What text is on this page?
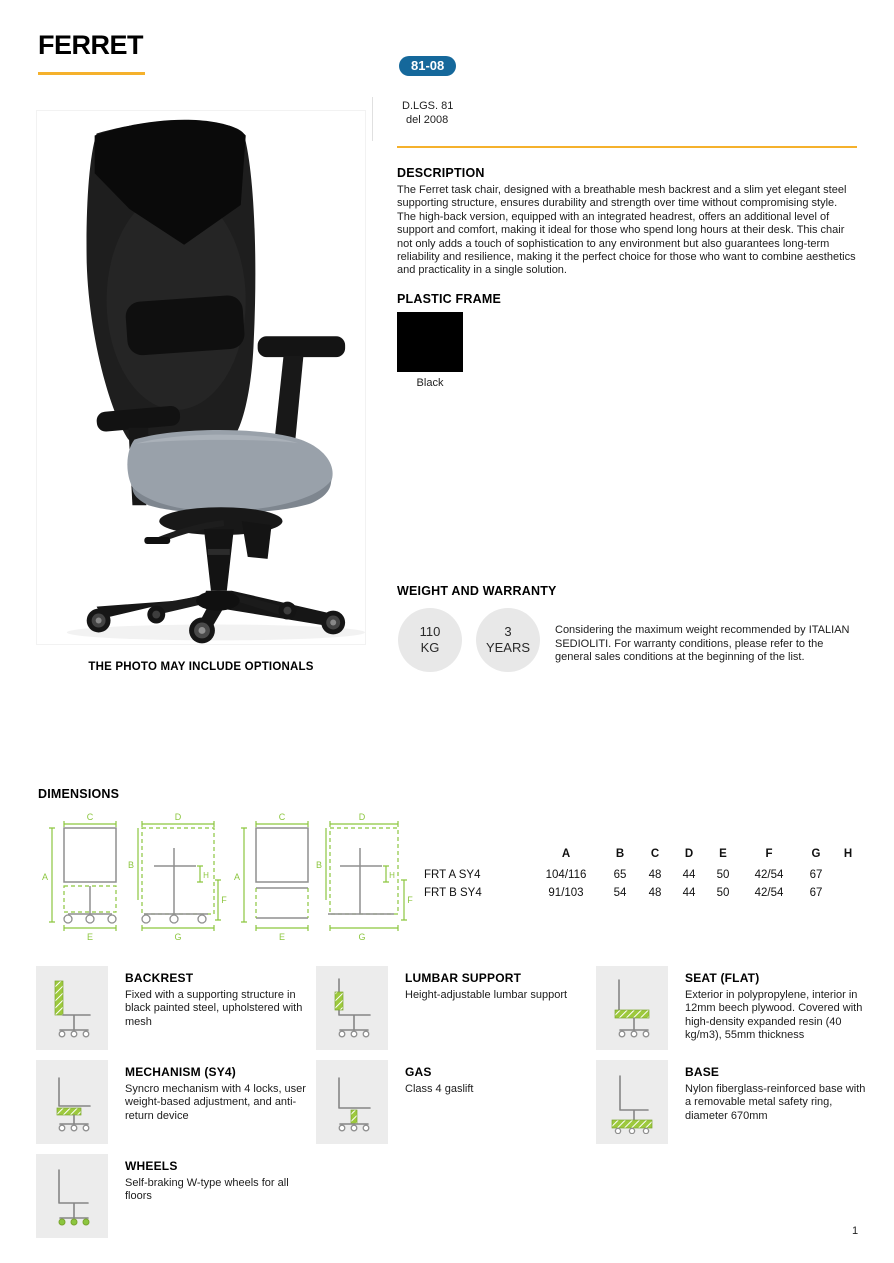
FERRET
81-08
D.LGS. 81
del 2008
THE PHOTO MAY INCLUDE OPTIONALS
DESCRIPTION
The Ferret task chair, designed with a breathable mesh backrest and a slim yet elegant steel supporting structure, ensures durability and strength over time without compromising style. The high-back version, equipped with an integrated headrest, offers an additional level of support and comfort, making it ideal for those who spend long hours at their desk. This chair not only adds a touch of sophistication to any environment but also guarantees long-term reliability and resilience, making it the perfect choice for those who want to combine aesthetics and practicality in a single solution.
PLASTIC FRAME
Black
WEIGHT AND WARRANTY
110
KG
3
YEARS
Considering the maximum weight recommended by ITALIAN SEDIOLITI. For warranty conditions, please refer to the general sales conditions at the beginning of the list.
DIMENSIONS
C
A
E
D
B
H
F
G
C
A
E
D
B
H
F
G
	A	B	C	D	E	F	G	H
FRT A SY4	104/116	65	48	44	50	42/54	67	
FRT B SY4	91/103	54	48	44	50	42/54	67	
BACKREST
Fixed with a supporting structure in black painted steel, upholstered with mesh
LUMBAR SUPPORT
Height-adjustable lumbar support
SEAT (FLAT)
Exterior in polypropylene, interior in 12mm beech plywood. Covered with high-density expanded resin (40 kg/m3), 55mm thickness
MECHANISM (SY4)
Syncro mechanism with 4 locks, user weight-based adjustment, and anti-return device
GAS
Class 4 gaslift
BASE
Nylon fiberglass-reinforced base with a removable metal safety ring, diameter 670mm
WHEELS
Self-braking W-type wheels for all floors
1
